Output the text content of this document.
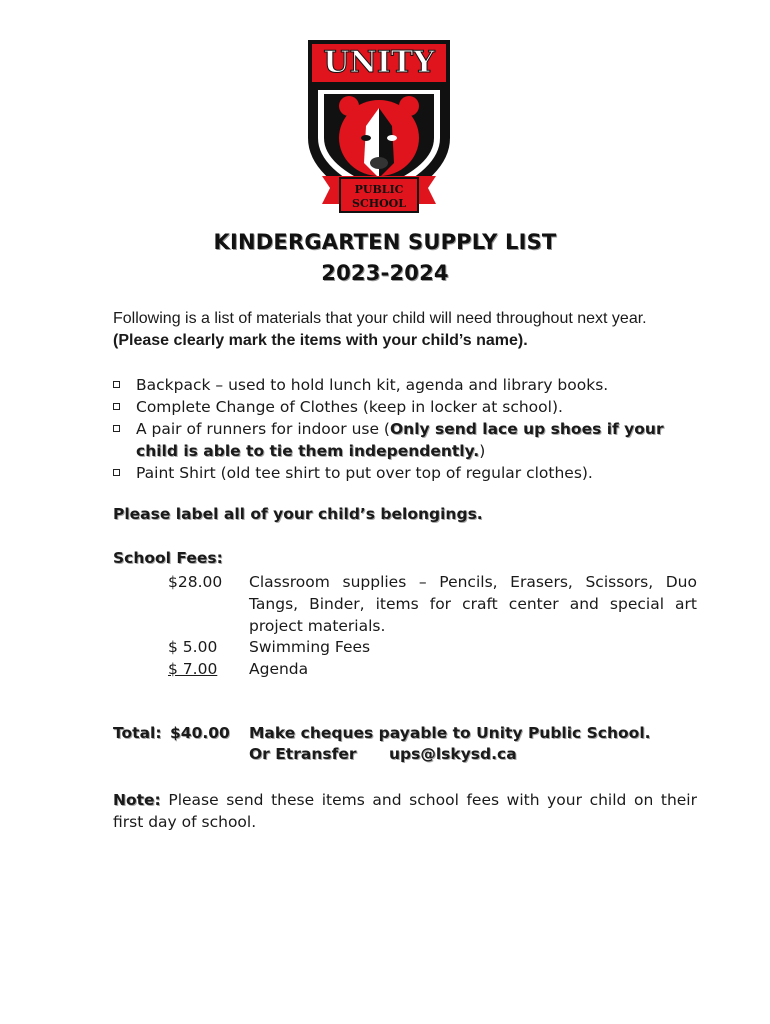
UNITY
PUBLIC
SCHOOL
KINDERGARTEN SUPPLY LIST
2023-2024
Following is a list of materials that your child will need throughout next year. (Please clearly mark the items with your child’s name).
Backpack – used to hold lunch kit, agenda and library books.
Complete Change of Clothes (keep in locker at school).
A pair of runners for indoor use (Only send lace up shoes if your child is able to tie them independently.)
Paint Shirt (old tee shirt to put over top of regular clothes).
Please label all of your child’s belongings.
School Fees:
$28.00	Classroom supplies – Pencils, Erasers, Scissors, Duo Tangs, Binder, items for craft center and special art project materials.
$ 5.00	Swimming Fees
$ 7.00	Agenda
Total: $40.00 Make cheques payable to Unity Public School.
Or Etransfer ups@lskysd.ca
Note: Please send these items and school fees with your child on their first day of school.
